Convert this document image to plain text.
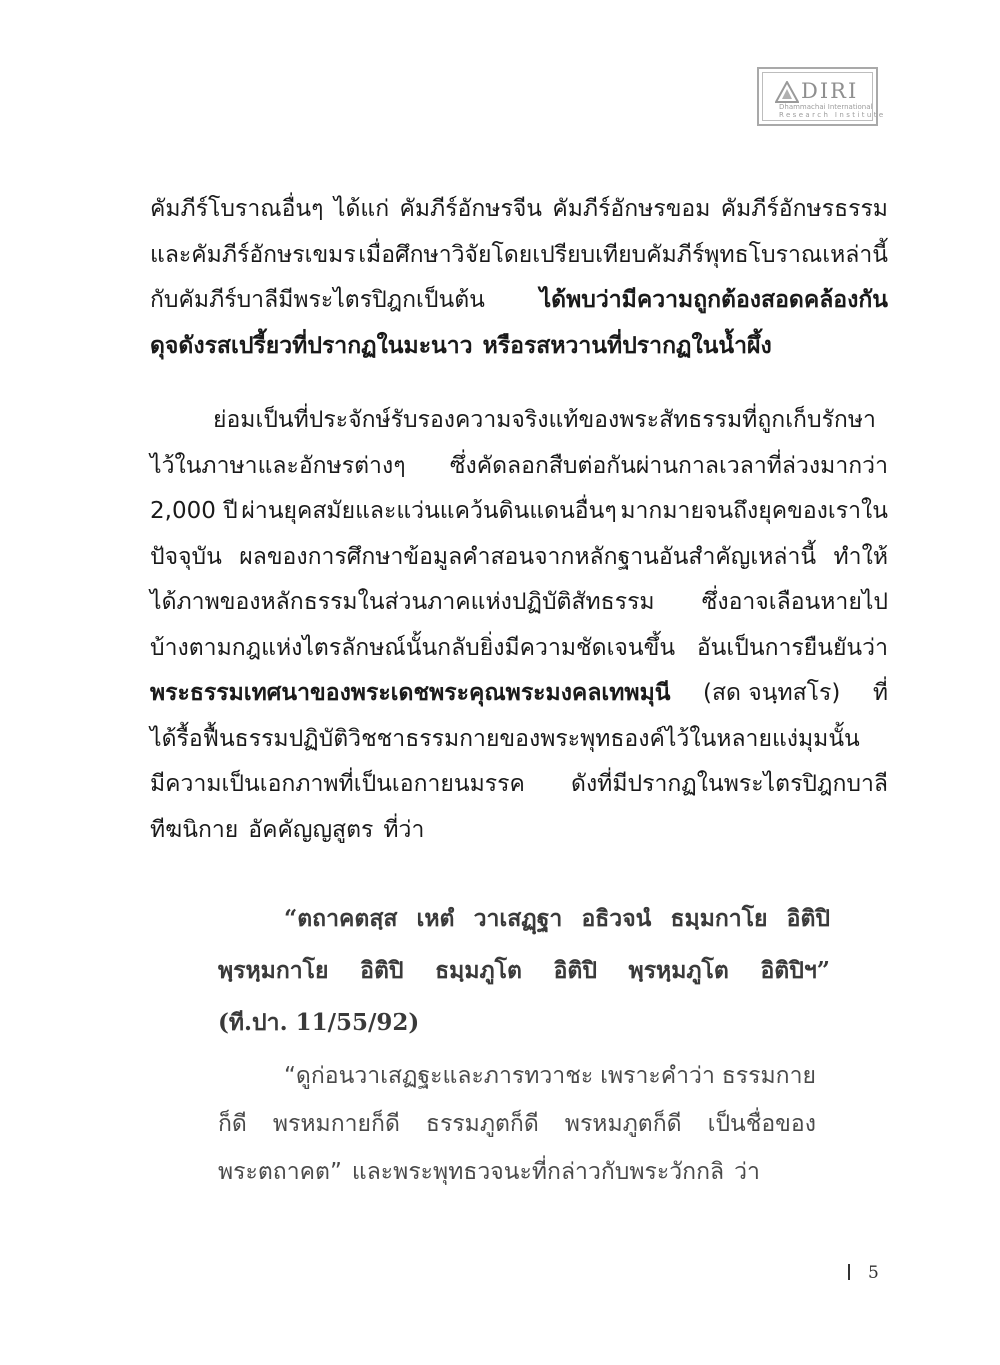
DIRI
Dhammachai International
Research Institute
คัมภีร์โบราณอื่นๆ ได้แก่ คัมภีร์อักษรจีน คัมภีร์อักษรขอม คัมภีร์อักษรธรรม
และคัมภีร์อักษรเขมร เมื่อศึกษาวิจัยโดยเปรียบเทียบคัมภีร์พุทธโบราณเหล่านี้
กับคัมภีร์บาลีมีพระไตรปิฎกเป็นต้น ได้พบว่ามีความถูกต้องสอดคล้องกัน
ดุจดังรสเปรี้ยวที่ปรากฏในมะนาว หรือรสหวานที่ปรากฏในน้ำผึ้ง
ย่อมเป็นที่ประจักษ์รับรองความจริงแท้ของพระสัทธรรมที่ถูกเก็บรักษา
ไว้ในภาษาและอักษรต่างๆ ซึ่งคัดลอกสืบต่อกันผ่านกาลเวลาที่ล่วงมากว่า
2,000 ปี ผ่านยุคสมัยและแว่นแคว้นดินแดนอื่นๆ มากมายจนถึงยุคของเราใน
ปัจจุบัน ผลของการศึกษาข้อมูลคำสอนจากหลักฐานอันสำคัญเหล่านี้ ทำให้
ได้ภาพของหลักธรรมในส่วนภาคแห่งปฏิบัติสัทธรรม ซึ่งอาจเลือนหายไป
บ้างตามกฎแห่งไตรลักษณ์นั้นกลับยิ่งมีความชัดเจนขึ้น อันเป็นการยืนยันว่า
พระธรรมเทศนาของพระเดชพระคุณพระมงคลเทพมุนี (สด จนฺทสโร) ที่
ได้รื้อฟื้นธรรมปฏิบัติวิชชาธรรมกายของพระพุทธองค์ไว้ในหลายแง่มุมนั้น
มีความเป็นเอกภาพที่เป็นเอกายนมรรค ดังที่มีปรากฏในพระไตรปิฎกบาลี
ทีฆนิกาย อัคคัญญสูตร ที่ว่า
“ตถาคตสฺส เหตํ วาเสฏฺฐา อธิวจนํ ธมฺมกาโย อิติปิ
พฺรหฺมกาโย อิติปิ ธมฺมภูโต อิติปิ พฺรหฺมภูโต อิติปิฯ”
(ที.ปา. 11/55/92)
“ดูก่อนวาเสฏฐะและภารทวาชะ เพราะคำว่า ธรรมกาย
ก็ดี พรหมกายก็ดี ธรรมภูตก็ดี พรหมภูตก็ดี เป็นชื่อของ
พระตถาคต” และพระพุทธวจนะที่กล่าวกับพระวักกลิ ว่า
5
